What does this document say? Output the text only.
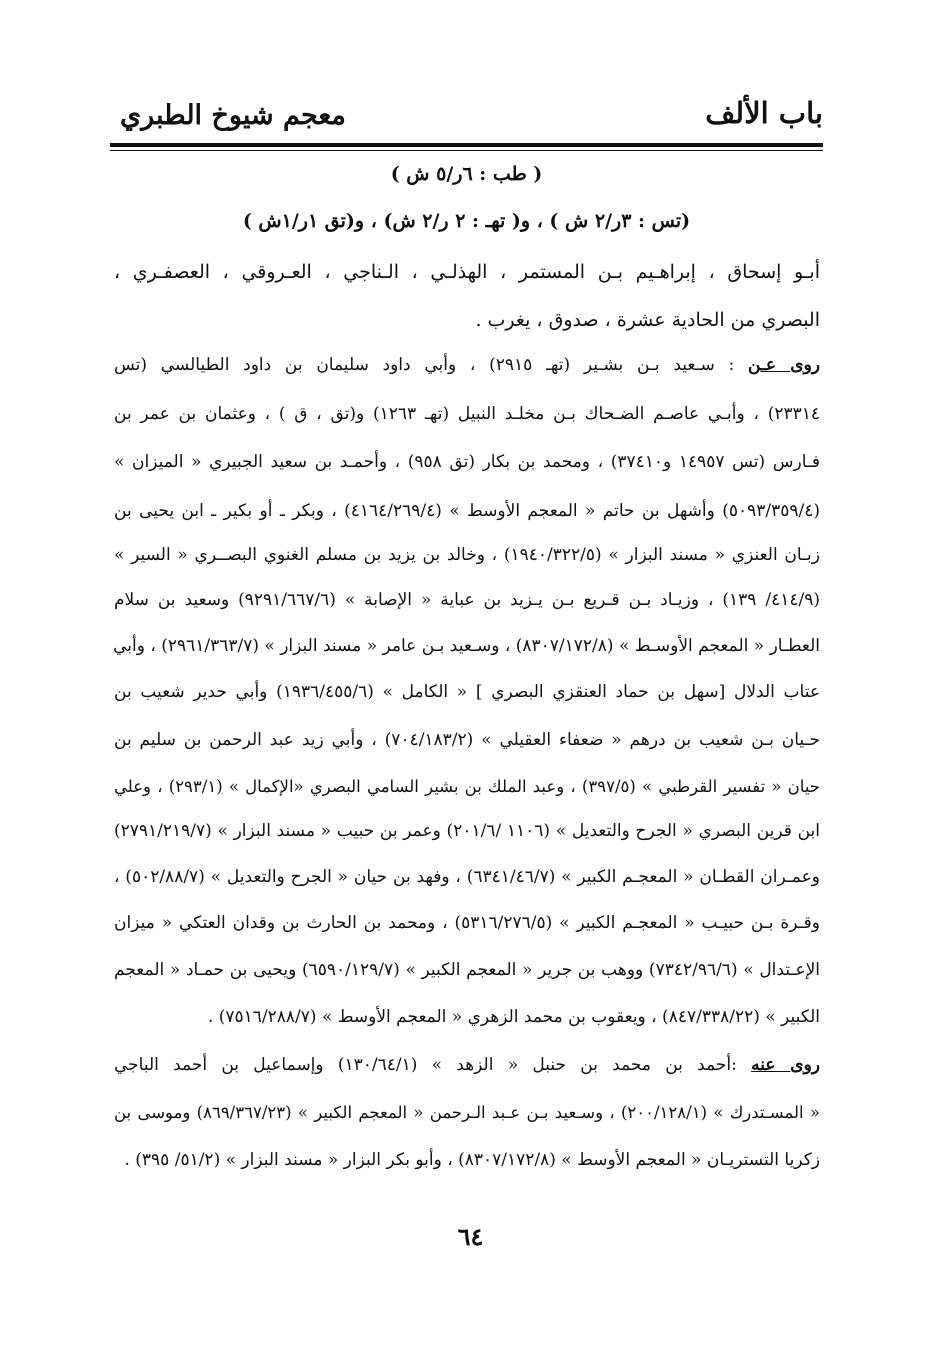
باب الألف
معجم شيوخ الطبري
( طب : ٦ر/٥ ش )
(تس : ٣ر/٢ ش ) ، و( تهـ : ٢ ر/٢ ش) ، و(تق ١ر/١ش )
أبـو إسحاق ، إبراهـيم بـن المستمر ، الهذلـي ، الـناجي ، العـروقي ، العصفـري ،
البصري من الحادية عشرة ، صدوق ، يغرب .
روى عـن : سـعيد بـن بشـير (تهـ ٢٩١٥) ، وأبي داود سليمان بن داود الطيالسي (تس
٢٣٣١٤) ، وأبـي عاصـم الضـحاك بـن مخلـد النبيل (تهـ ١٢٦٣) و(تق ، ق ) ، وعثمان بن عمر بن
فـارس (تس ١٤٩٥٧ و٣٧٤١٠) ، ومحمد بن بكار (تق ٩٥٨) ، وأحمـد بن سعيد الجبيري « الميزان »
(٥٠٩٣/٣٥٩/٤) وأشهل بن حاتم « المعجم الأوسط » (٤١٦٤/٢٦٩/٤) ، وبكر ـ أو بكير ـ ابن يحيى بن
زبـان العنزي « مسند البزار » (١٩٤٠/٣٢٢/٥) ، وخالد بن يزيد بن مسلم الغنوي البصــري « السير »
(٤١٤/٩/ ١٣٩) ، وزيـاد بـن قـريع بـن يـزيد بن عباية « الإصابة » (٩٢٩١/٦٦٧/٦) وسعيد بن سلام
العطـار « المعجم الأوسـط » (٨٣٠٧/١٧٢/٨) ، وسـعيد بـن عامر « مسند البزار » (٢٩٦١/٣٦٣/٧) ، وأبي
عتاب الدلال [سهل بن حماد العنقزي البصري ] « الكامل » (١٩٣٦/٤٥٥/٦) وأبي حدير شعيب بن
حـيان بـن شعيب بن درهم « ضعفاء العقيلي » (٧٠٤/١٨٣/٢) ، وأبي زيد عبد الرحمن بن سليم بن
حيان « تفسير القرطبي » (٣٩٧/٥) ، وعبد الملك بن بشير السامي البصري «الإكمال » (٢٩٣/١) ، وعلي
ابن قرين البصري « الجرح والتعديل » (١١٠٦ /٢٠١/٦) وعمر بن حبيب « مسند البزار » (٢٧٩١/٢١٩/٧)
وعمـران القطـان « المعجـم الكبير » (٦٣٤١/٤٦/٧) ، وفهد بن حيان « الجرح والتعديل » (٥٠٢/٨٨/٧) ،
وقـرة بـن حبيـب « المعجـم الكبير » (٥٣١٦/٢٧٦/٥) ، ومحمد بن الحارث بن وقدان العتكي « ميزان
الإعـتدال » (٧٣٤٢/٩٦/٦) ووهب بن جرير « المعجم الكبير » (٦٥٩٠/١٢٩/٧) ويحيى بن حمـاد « المعجم
الكبير » (٨٤٧/٣٣٨/٢٢) ، ويعقوب بن محمد الزهري « المعجم الأوسط » (٧٥١٦/٢٨٨/٧) .
روى عنه :أحمد بن محمد بن حنبل « الزهد » (١٣٠/٦٤/١) وإسماعيل بن أحمد الباجي
« المسـتدرك » (٢٠٠/١٢٨/١) ، وسـعيد بـن عـبد الـرحمن « المعجم الكبير » (٨٦٩/٣٦٧/٢٣) وموسى بن
زكريا التستريـان « المعجم الأوسط » (٨٣٠٧/١٧٢/٨) ، وأبو بكر البزار « مسند البزار » (٥١/٢/ ٣٩٥) .
٦٤
